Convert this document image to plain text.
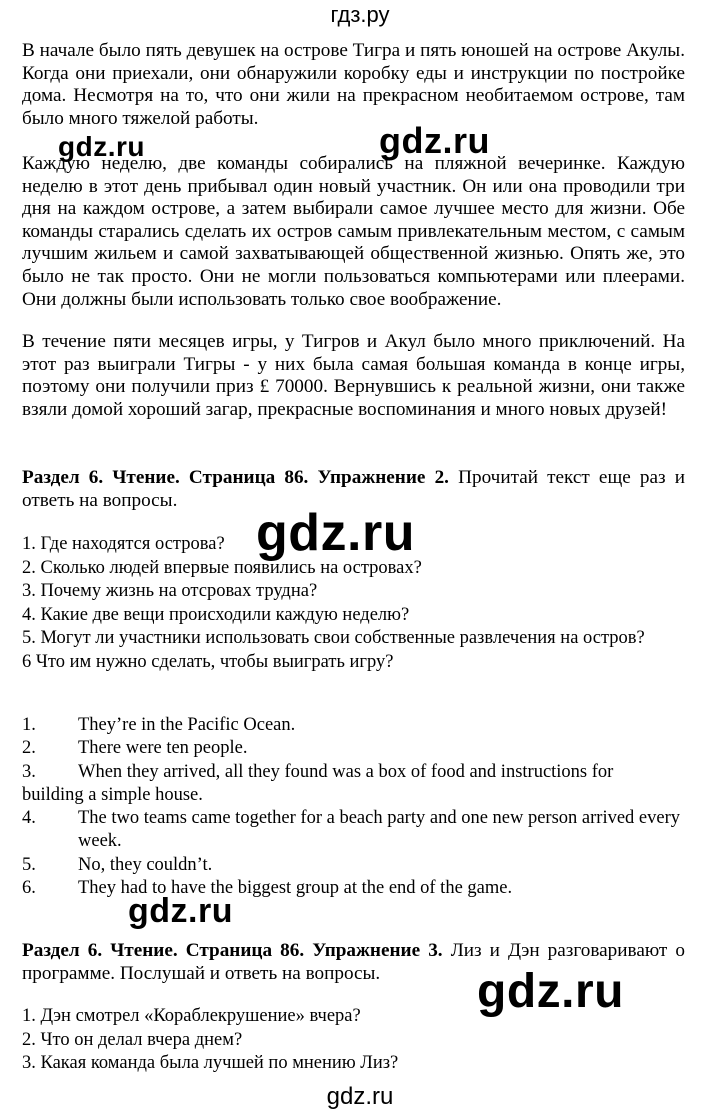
гдз.ру

В начале было пять девушек на острове Тигра и пять юношей на острове Акулы. Когда они приехали, они обнаружили коробку еды и инструкции по постройке дома. Несмотря на то, что они жили на прекрасном необитаемом острове, там было много тяжелой работы.

gdz.ru	gdz.ru

Каждую неделю, две команды собирались на пляжной вечеринке. Каждую неделю в этот день прибывал один новый участник. Он или она проводили три дня на каждом острове, а затем выбирали самое лучшее место для жизни. Обе команды старались сделать их остров самым привлекательным местом, с самым лучшим жильем и самой захватывающей общественной жизнью. Опять же, это было не так просто. Они не могли пользоваться компьютерами или плеерами. Они должны были использовать только свое воображение.

В течение пяти месяцев игры, у Тигров и Акул было много приключений. На этот раз выиграли Тигры - у них была самая большая команда в конце игры, поэтому они получили приз £ 70000. Вернувшись к реальной жизни, они также взяли домой хороший загар, прекрасные воспоминания и много новых друзей!

Раздел 6. Чтение. Страница 86. Упражнение 2. Прочитай текст еще раз и ответь на вопросы.

gdz.ru
1. Где находятся острова?
2. Сколько людей впервые появились на островах?
3. Почему жизнь на отсровах трудна?
4. Какие две вещи происходили каждую неделю?
5. Могут ли участники использовать свои собственные развлечения на остров?
6 Что им нужно сделать, чтобы выиграть игру?
1.	They’re in the Pacific Ocean.
2.	There were ten people.
3.	When they arrived, all they found was a box of food and instructions for
building a simple house.
4.	The two teams came together for a beach party and one new person arrived every week.
5.	No, they couldn’t.
6.	They had to have the biggest group at the end of the game.
gdz.ru

Раздел 6. Чтение. Страница 86. Упражнение 3. Лиз и Дэн разговаривают о программе. Послушай и ответь на вопросы.	gdz.ru
1. Дэн смотрел «Кораблекрушение» вчера?
2. Что он делал вчера днем?
3. Какая команда была лучшей по мнению Лиз?
gdz.ru
